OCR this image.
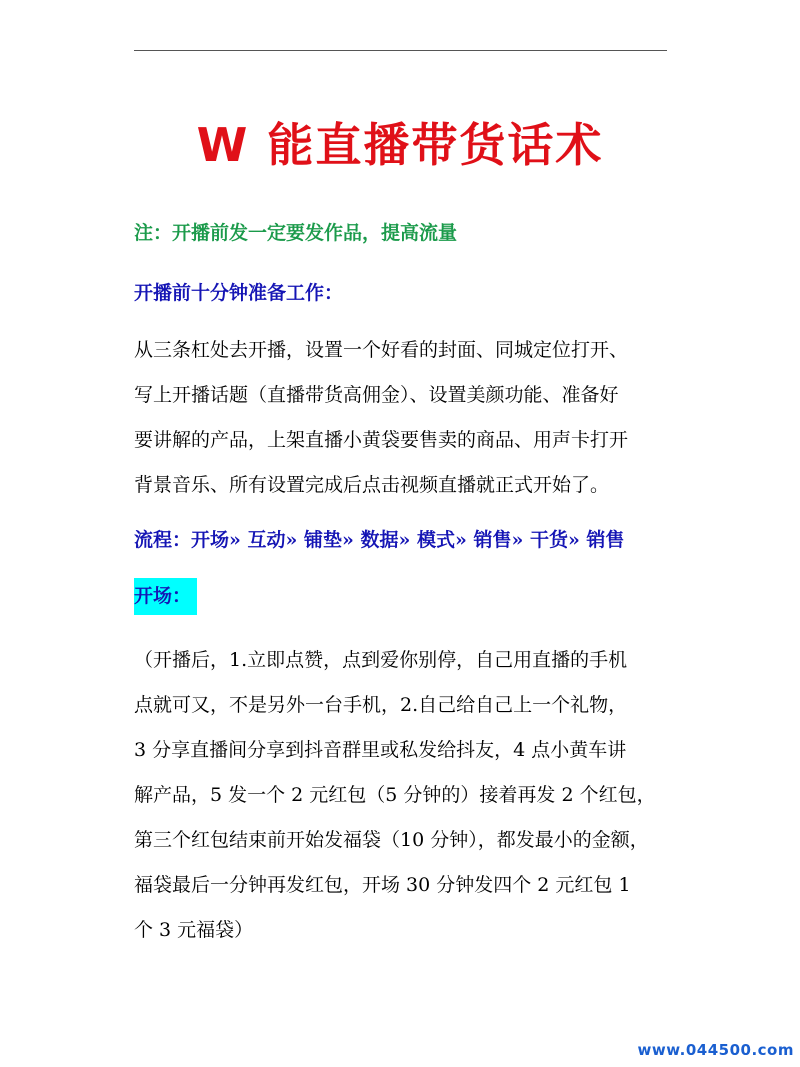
W 能直播带货话术
注：开播前发一定要发作品，提高流量
开播前十分钟准备工作：
从三条杠处去开播，设置一个好看的封面、同城定位打开、
写上开播话题（直播带货高佣金）、设置美颜功能、准备好
要讲解的产品，上架直播小黄袋要售卖的商品、用声卡打开
背景音乐、所有设置完成后点击视频直播就正式开始了。
流程：开场» 互动» 铺垫» 数据» 模式» 销售» 干货» 销售
开场：
（开播后，1.立即点赞，点到爱你别停，自己用直播的手机
点就可又，不是另外一台手机，2.自己给自己上一个礼物，
3 分享直播间分享到抖音群里或私发给抖友，4 点小黄车讲
解产品，5 发一个 2 元红包（5 分钟的）接着再发 2 个红包，
第三个红包结束前开始发福袋（10 分钟），都发最小的金额，
福袋最后一分钟再发红包，开场 30 分钟发四个 2 元红包 1
个 3 元福袋）
www.044500.com
